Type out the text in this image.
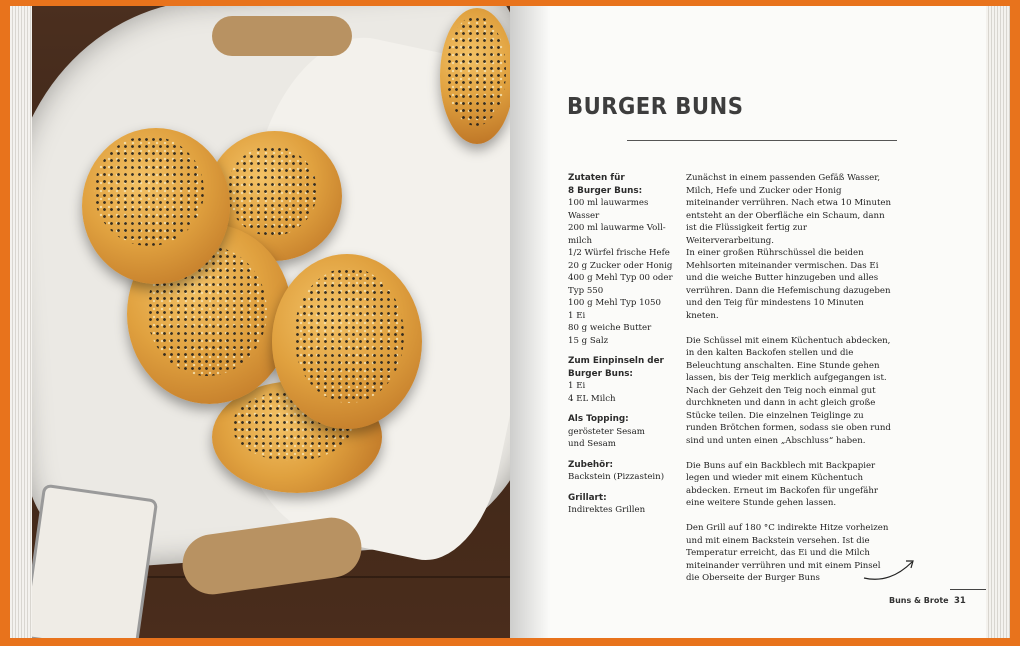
BURGER BUNS
Zutaten für
8 Burger Buns:
100 ml lauwarmes Wasser
200 ml lauwarme Voll-
milch
1/2 Würfel frische Hefe
20 g Zucker oder Honig
400 g Mehl Typ 00 oder
Typ 550
100 g Mehl Typ 1050
1 Ei
80 g weiche Butter
15 g Salz
Zum Einpinseln der
Burger Buns:
1 Ei
4 EL Milch
Als Topping:
gerösteter Sesam
und Sesam
Zubehör:
Backstein (Pizzastein)
Grillart:
Indirektes Grillen
Zunächst in einem passenden Gefäß Wasser, Milch, Hefe und Zucker oder Honig miteinander verrühren. Nach etwa 10 Minuten entsteht an der Oberfläche ein Schaum, dann ist die Flüssigkeit fertig zur Weiterverarbeitung.

In einer großen Rührschüssel die beiden Mehlsorten miteinander vermischen. Das Ei und die weiche Butter hinzugeben und alles verrühren. Dann die Hefemischung dazugeben und den Teig für mindestens 10 Minuten kneten.

Die Schüssel mit einem Küchentuch abdecken, in den kalten Backofen stellen und die Beleuchtung anschalten. Eine Stunde gehen lassen, bis der Teig merklich aufgegangen ist.

Nach der Gehzeit den Teig noch einmal gut durchkneten und dann in acht gleich große Stücke teilen. Die einzelnen Teiglinge zu runden Brötchen formen, sodass sie oben rund sind und unten einen „Abschluss“ haben.

Die Buns auf ein Backblech mit Backpapier legen und wieder mit einem Küchentuch abdecken. Erneut im Backofen für ungefähr eine weitere Stunde gehen lassen.

Den Grill auf 180 °C indirekte Hitze vorheizen und mit einem Backstein versehen. Ist die Temperatur erreicht, das Ei und die Milch miteinander verrühren und mit einem Pinsel die Oberseite der Burger Buns

Buns & Brote 31
